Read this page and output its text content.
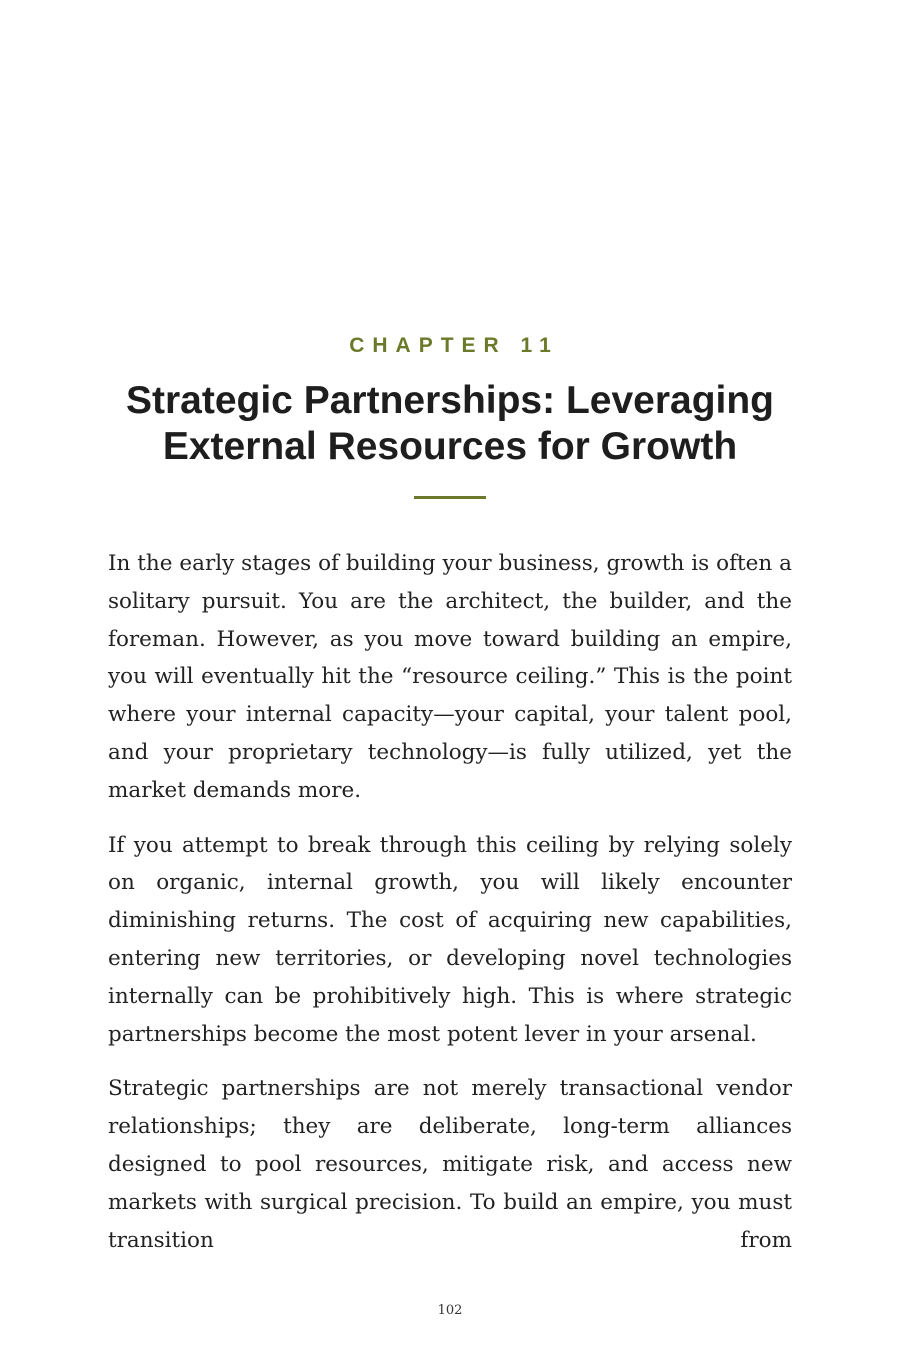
CHAPTER 11
Strategic Partnerships: Leveraging External Resources for Growth

In the early stages of building your business, growth is often a solitary pursuit. You are the architect, the builder, and the foreman. However, as you move toward building an empire, you will eventually hit the “resource ceiling.” This is the point where your internal capacity—your capital, your talent pool, and your proprietary technology—is fully utilized, yet the market demands more.

If you attempt to break through this ceiling by relying solely on organic, internal growth, you will likely encounter diminishing returns. The cost of acquiring new capabilities, entering new territories, or developing novel technologies internally can be prohibitively high. This is where strategic partnerships become the most potent lever in your arsenal.

Strategic partnerships are not merely transactional vendor relationships; they are deliberate, long-term alliances designed to pool resources, mitigate risk, and access new markets with surgical precision. To build an empire, you must transition from

102
